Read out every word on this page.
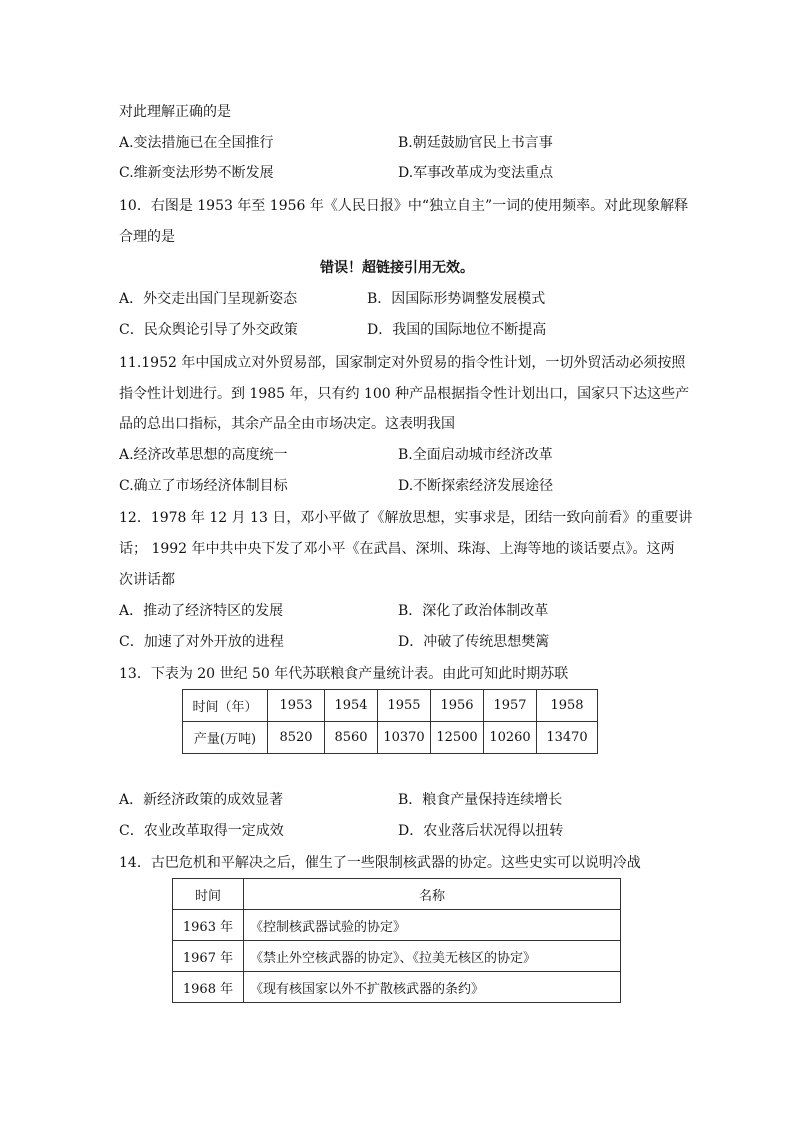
对此理解正确的是
A.变法措施已在全国推行	B.朝廷鼓励官民上书言事
C.维新变法形势不断发展	D.军事改革成为变法重点
10．右图是 1953 年至 1956 年《人民日报》中“独立自主”一词的使用频率。对此现象解释
合理的是
错误！超链接引用无效。
A．外交走出国门呈现新姿态	B．因国际形势调整发展模式
C．民众舆论引导了外交政策	D．我国的国际地位不断提高
11.1952 年中国成立对外贸易部，国家制定对外贸易的指令性计划，一切外贸活动必须按照
指令性计划进行。到 1985 年，只有约 100 种产品根据指令性计划出口，国家只下达这些产
品的总出口指标，其余产品全由市场决定。这表明我国
A.经济改革思想的高度统一	B.全面启动城市经济改革
C.确立了市场经济体制目标	D.不断探索经济发展途径
12．1978 年 12 月 13 日，邓小平做了《解放思想，实事求是，团结一致向前看》的重要讲
话； 1992 年中共中央下发了邓小平《在武昌、深圳、珠海、上海等地的谈话要点》。这两
次讲话都
A．推动了经济特区的发展	B．深化了政治体制改革
C．加速了对外开放的进程	D．冲破了传统思想樊篱
13．下表为 20 世纪 50 年代苏联粮食产量统计表。由此可知此时期苏联
时间（年）	1953	1954	1955	1956	1957	1958
产量(万吨)	8520	8560	10370	12500	10260	13470
A．新经济政策的成效显著	B．粮食产量保持连续增长
C．农业改革取得一定成效	D．农业落后状况得以扭转
14．古巴危机和平解决之后，催生了一些限制核武器的协定。这些史实可以说明冷战
时间	名称
1963 年	《控制核武器试验的协定》
1967 年	《禁止外空核武器的协定》、《拉美无核区的协定》
1968 年	《现有核国家以外不扩散核武器的条约》
